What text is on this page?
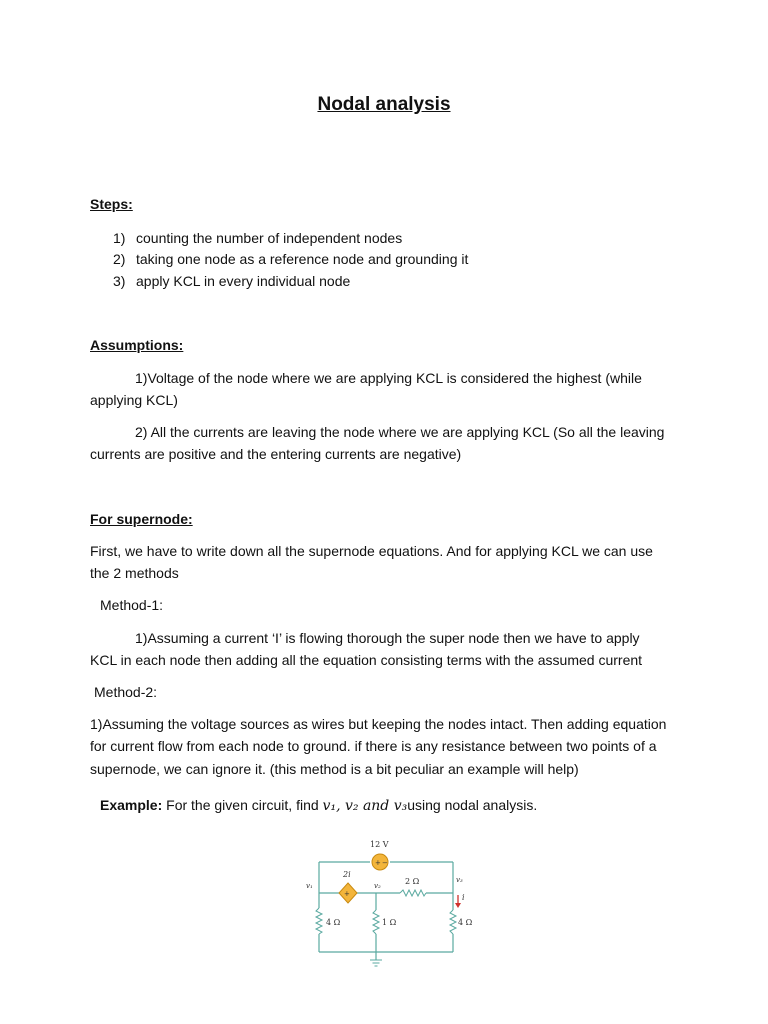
Nodal analysis
Steps:
1) counting the number of independent nodes
2) taking one node as a reference node and grounding it
3) apply KCL in every individual node
Assumptions:
1)Voltage of the node where we are applying KCL is considered the highest (while
applying KCL)
2) All the currents are leaving the node where we are applying KCL (So all the leaving
currents are positive and the entering currents are negative)
For supernode:
First, we have to write down all the supernode equations. And for applying KCL we can use
the 2 methods
Method-1:
1)Assuming a current ‘I’ is flowing thorough the super node then we have to apply
KCL in each node then adding all the equation consisting terms with the assumed current
Method-2:
1)Assuming the voltage sources as wires but keeping the nodes intact. Then adding equation
for current flow from each node to ground. if there is any resistance between two points of a
supernode, we can ignore it. (this method is a bit peculiar an example will help)
Example: For the given circuit, find v₁, v₂ and v₃using nodal analysis.
+ −
12 V
+
2i
2 Ω
4 Ω	1 Ω	4 Ω
i
v₁	v₂
v₃
